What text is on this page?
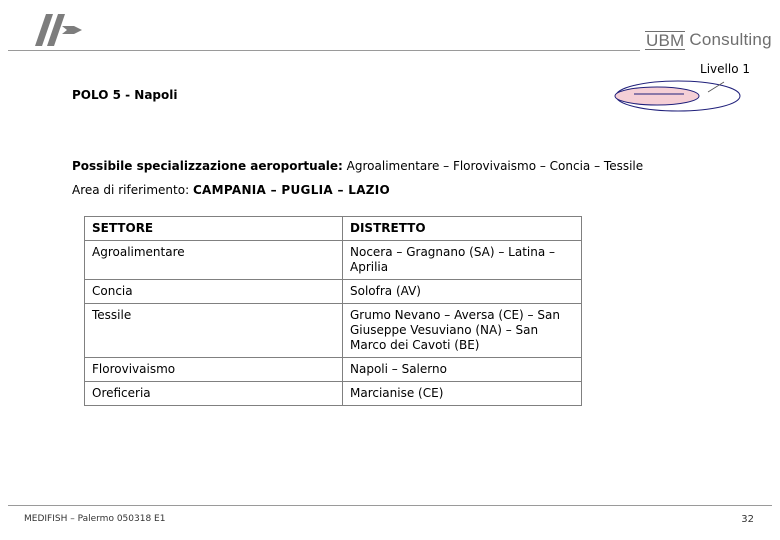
UBM Consulting
Livello 1
POLO 5 - Napoli
Possibile specializzazione aeroportuale: Agroalimentare – Florovivaismo – Concia – Tessile
Area di riferimento: CAMPANIA – PUGLIA – LAZIO
SETTORE	DISTRETTO
Agroalimentare	Nocera – Gragnano (SA) – Latina – Aprilia
Concia	Solofra (AV)
Tessile	Grumo Nevano – Aversa (CE) – San Giuseppe Vesuviano (NA) – San Marco dei Cavoti (BE)
Florovivaismo	Napoli – Salerno
Oreficeria	Marcianise (CE)
MEDIFISH – Palermo 050318 E1	32
